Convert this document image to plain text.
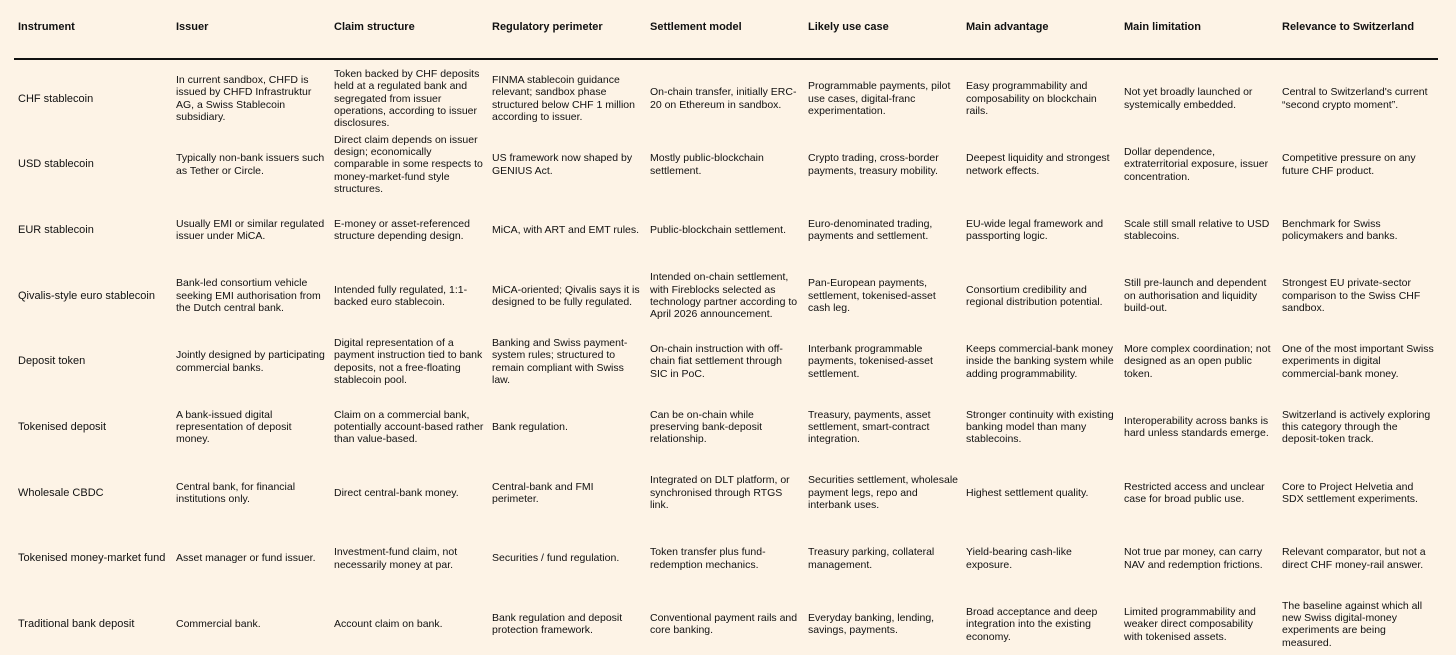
Instrument	Issuer	Claim structure	Regulatory perimeter	Settlement model	Likely use case	Main advantage	Main limitation	Relevance to Switzerland

CHF stablecoin	In current sandbox, CHFD is issued by CHFD Infrastruktur AG, a Swiss Stablecoin subsidiary.	Token backed by CHF deposits held at a regulated bank and segregated from issuer operations, according to issuer disclosures.	FINMA stablecoin guidance relevant; sandbox phase structured below CHF 1 million according to issuer.	On-chain transfer, initially ERC-20 on Ethereum in sandbox.	Programmable payments, pilot use cases, digital-franc experimentation.	Easy programmability and composability on blockchain rails.	Not yet broadly launched or systemically embedded.	Central to Switzerland's current “second crypto moment”.
USD stablecoin	Typically non-bank issuers such as Tether or Circle.	Direct claim depends on issuer design; economically comparable in some respects to money-market-fund style structures.	US framework now shaped by GENIUS Act.	Mostly public-blockchain settlement.	Crypto trading, cross-border payments, treasury mobility.	Deepest liquidity and strongest network effects.	Dollar dependence, extraterritorial exposure, issuer concentration.	Competitive pressure on any future CHF product.
EUR stablecoin	Usually EMI or similar regulated issuer under MiCA.	E-money or asset-referenced structure depending design.	MiCA, with ART and EMT rules.	Public-blockchain settlement.	Euro-denominated trading, payments and settlement.	EU-wide legal framework and passporting logic.	Scale still small relative to USD stablecoins.	Benchmark for Swiss policymakers and banks.
Qivalis-style euro stablecoin	Bank-led consortium vehicle seeking EMI authorisation from the Dutch central bank.	Intended fully regulated, 1:1-backed euro stablecoin.	MiCA-oriented; Qivalis says it is designed to be fully regulated.	Intended on-chain settlement, with Fireblocks selected as technology partner according to April 2026 announcement.	Pan-European payments, settlement, tokenised-asset cash leg.	Consortium credibility and regional distribution potential.	Still pre-launch and dependent on authorisation and liquidity build-out.	Strongest EU private-sector comparison to the Swiss CHF sandbox.
Deposit token	Jointly designed by participating commercial banks.	Digital representation of a payment instruction tied to bank deposits, not a free-floating stablecoin pool.	Banking and Swiss payment-system rules; structured to remain compliant with Swiss law.	On-chain instruction with off-chain fiat settlement through SIC in PoC.	Interbank programmable payments, tokenised-asset settlement.	Keeps commercial-bank money inside the banking system while adding programmability.	More complex coordination; not designed as an open public token.	One of the most important Swiss experiments in digital commercial-bank money.
Tokenised deposit	A bank-issued digital representation of deposit money.	Claim on a commercial bank, potentially account-based rather than value-based.	Bank regulation.	Can be on-chain while preserving bank-deposit relationship.	Treasury, payments, asset settlement, smart-contract integration.	Stronger continuity with existing banking model than many stablecoins.	Interoperability across banks is hard unless standards emerge.	Switzerland is actively exploring this category through the deposit-token track.
Wholesale CBDC	Central bank, for financial institutions only.	Direct central-bank money.	Central-bank and FMI perimeter.	Integrated on DLT platform, or synchronised through RTGS link.	Securities settlement, wholesale payment legs, repo and interbank uses.	Highest settlement quality.	Restricted access and unclear case for broad public use.	Core to Project Helvetia and SDX settlement experiments.
Tokenised money-market fund	Asset manager or fund issuer.	Investment-fund claim, not necessarily money at par.	Securities / fund regulation.	Token transfer plus fund-redemption mechanics.	Treasury parking, collateral management.	Yield-bearing cash-like exposure.	Not true par money, can carry NAV and redemption frictions.	Relevant comparator, but not a direct CHF money-rail answer.
Traditional bank deposit	Commercial bank.	Account claim on bank.	Bank regulation and deposit protection framework.	Conventional payment rails and core banking.	Everyday banking, lending, savings, payments.	Broad acceptance and deep integration into the existing economy.	Limited programmability and weaker direct composability with tokenised assets.	The baseline against which all new Swiss digital-money experiments are being measured.
